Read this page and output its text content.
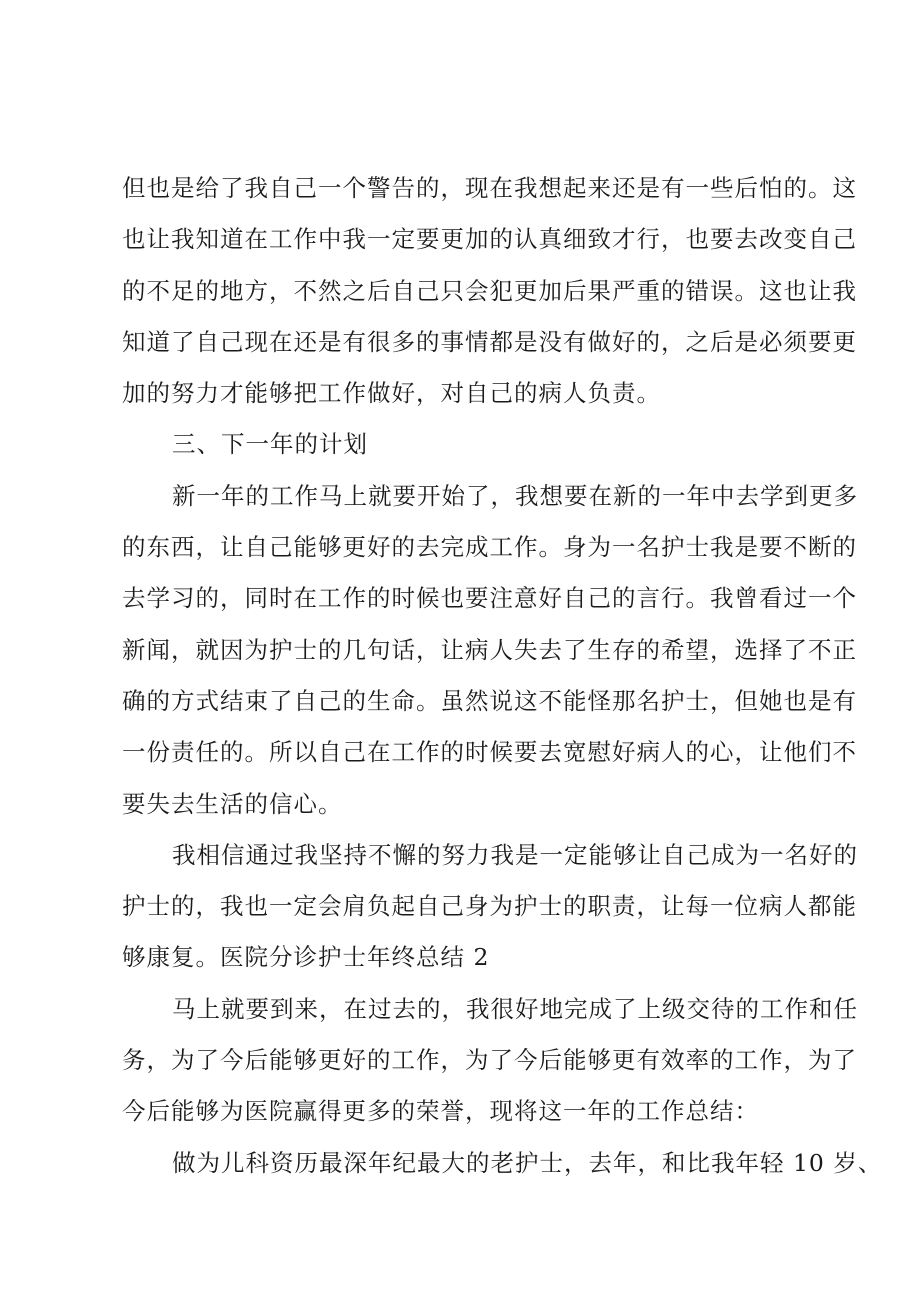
但也是给了我自己一个警告的，现在我想起来还是有一些后怕的。这
也让我知道在工作中我一定要更加的认真细致才行，也要去改变自己
的不足的地方，不然之后自己只会犯更加后果严重的错误。这也让我
知道了自己现在还是有很多的事情都是没有做好的，之后是必须要更
加的努力才能够把工作做好，对自己的病人负责。
三、下一年的计划
新一年的工作马上就要开始了，我想要在新的一年中去学到更多
的东西，让自己能够更好的去完成工作。身为一名护士我是要不断的
去学习的，同时在工作的时候也要注意好自己的言行。我曾看过一个
新闻，就因为护士的几句话，让病人失去了生存的希望，选择了不正
确的方式结束了自己的生命。虽然说这不能怪那名护士，但她也是有
一份责任的。所以自己在工作的时候要去宽慰好病人的心，让他们不
要失去生活的信心。
我相信通过我坚持不懈的努力我是一定能够让自己成为一名好的
护士的，我也一定会肩负起自己身为护士的职责，让每一位病人都能
够康复。医院分诊护士年终总结 2
马上就要到来，在过去的，我很好地完成了上级交待的工作和任
务，为了今后能够更好的工作，为了今后能够更有效率的工作，为了
今后能够为医院赢得更多的荣誉，现将这一年的工作总结：
做为儿科资历最深年纪最大的老护士，去年，和比我年轻 10 岁、
